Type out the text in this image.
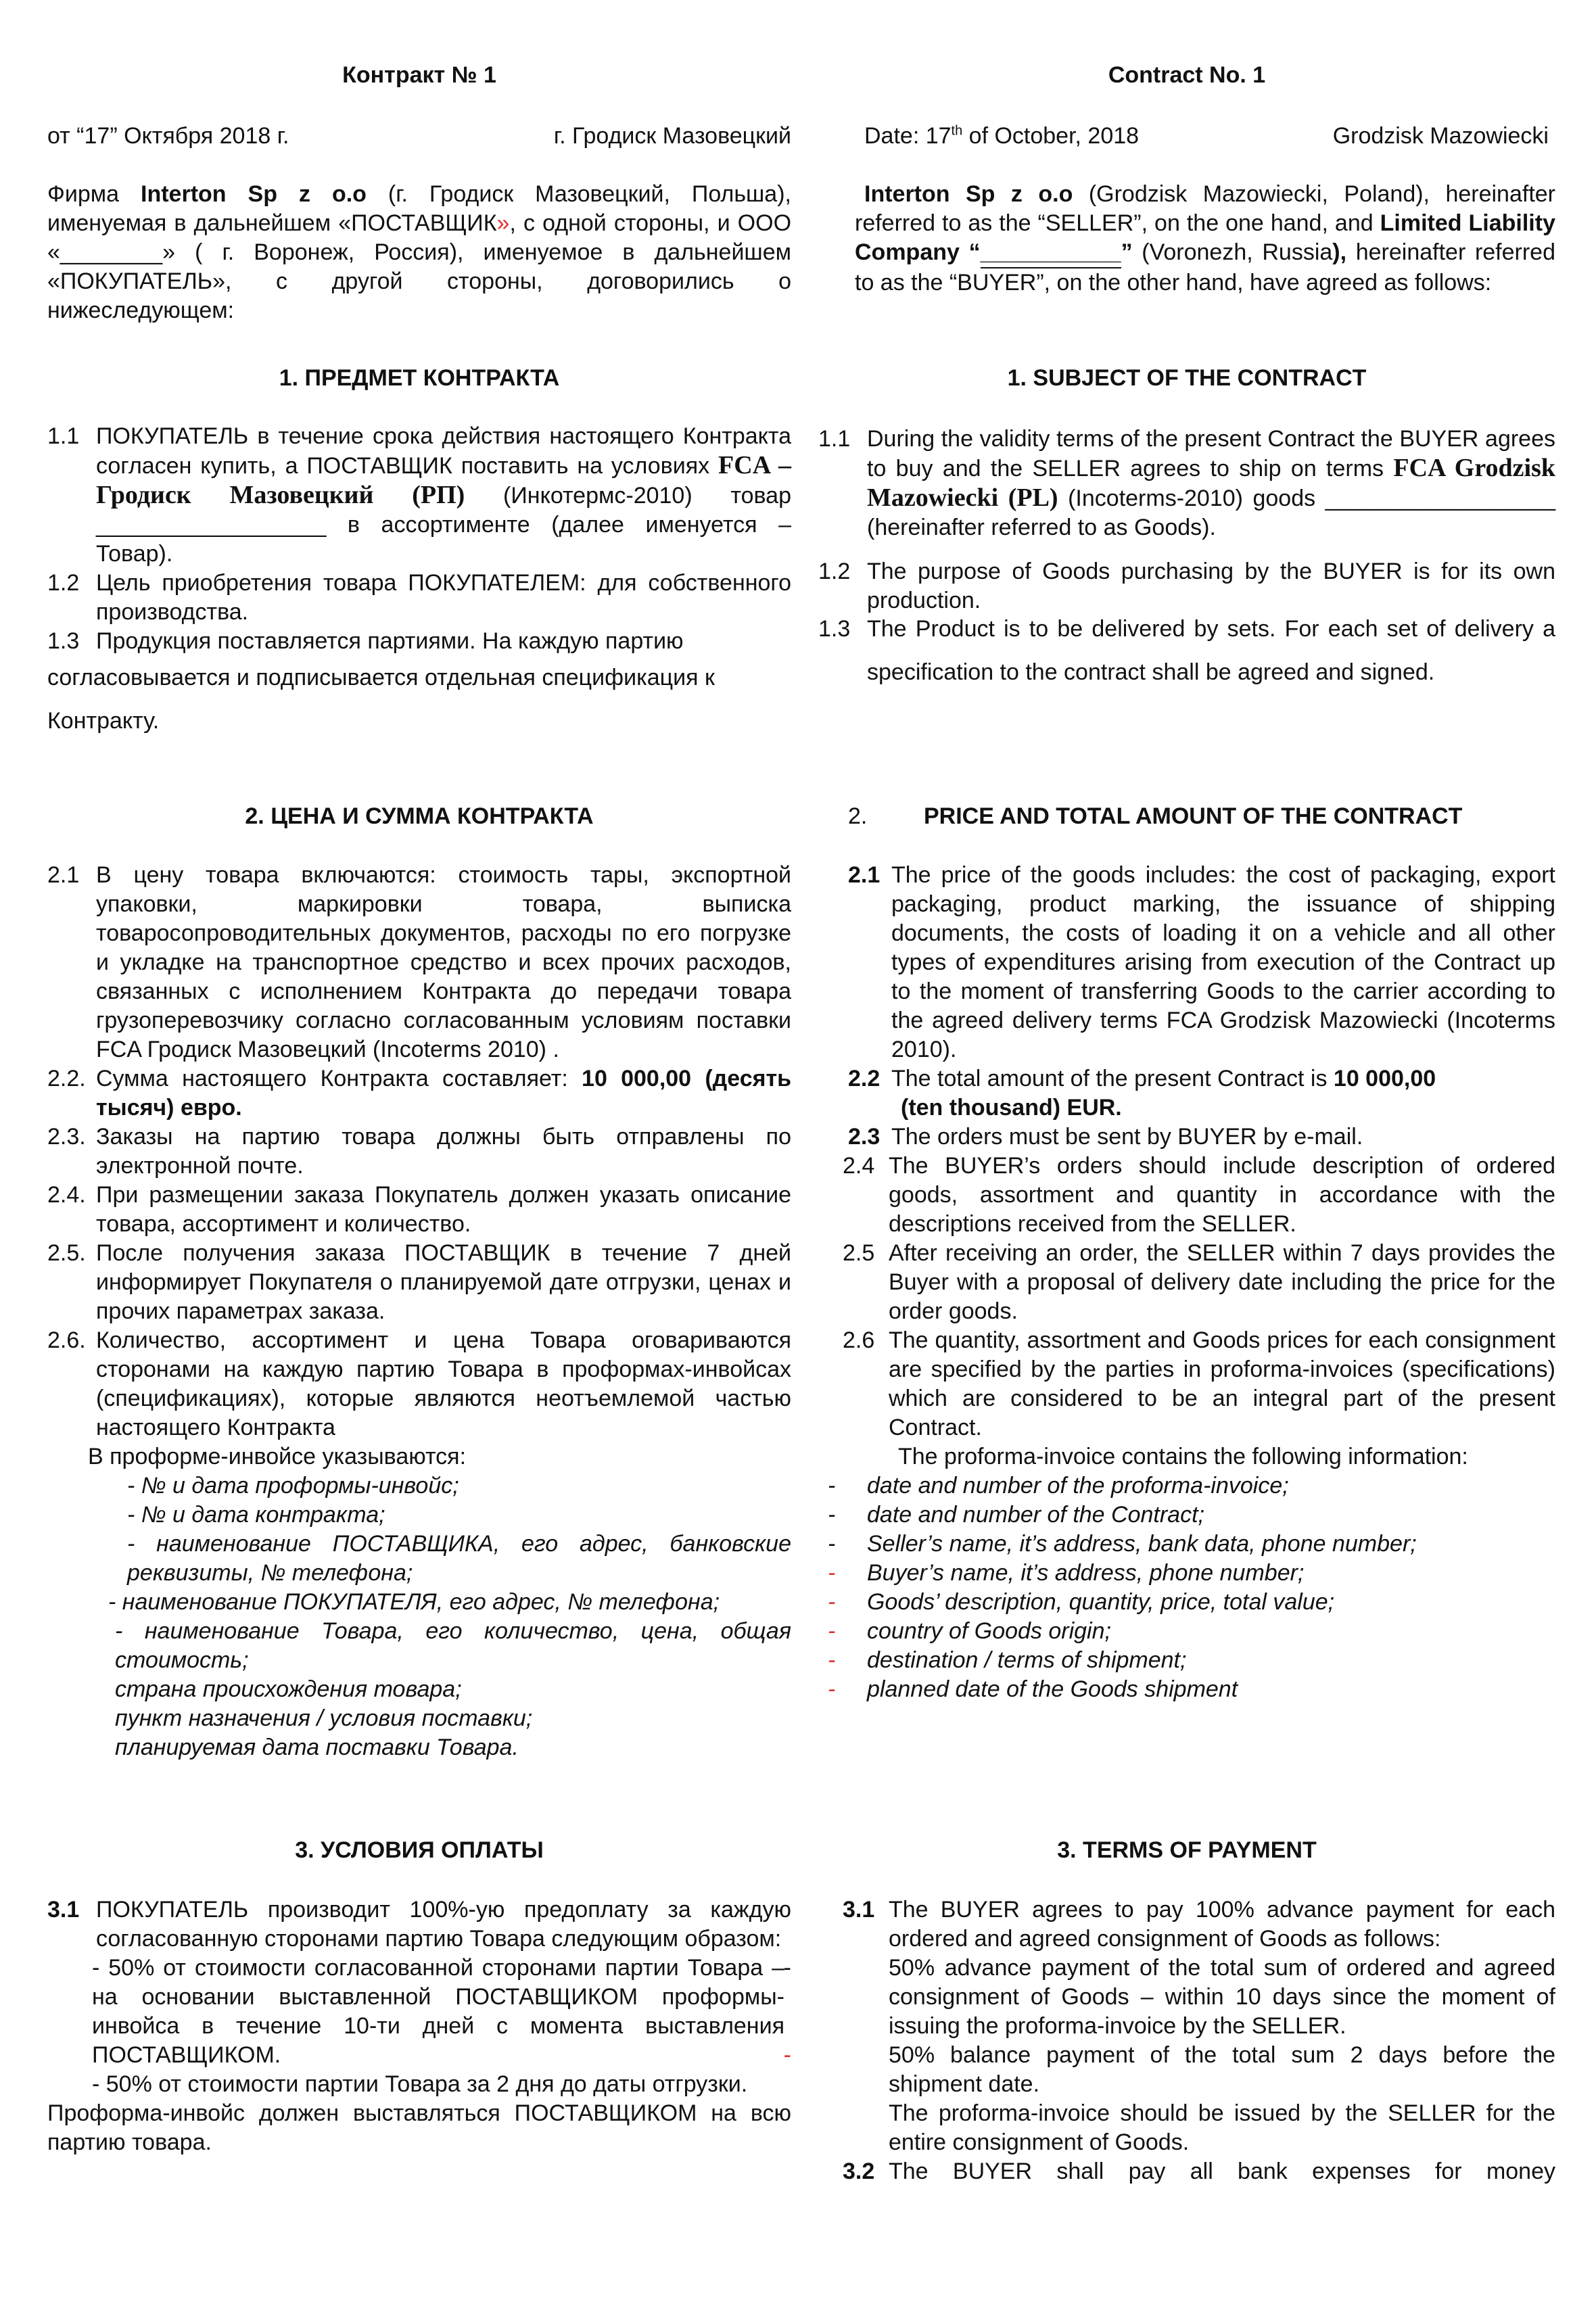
Контракт № 1
от “17” Октября 2018 г.	г. Гродиск Мазовецкий
Фирма Interton Sp z o.o (г. Гродиск Мазовецкий, Польша), именуемая в дальнейшем «ПОСТАВЩИК», с одной стороны, и ООО «________» ( г. Воронеж, Россия), именуемое в дальнейшем «ПОКУПАТЕЛЬ», с другой стороны, договорились о нижеследующем:
1. ПРЕДМЕТ КОНТРАКТА
1.1 ПОКУПАТЕЛЬ в течение срока действия настоящего Контракта согласен купить, а ПОСТАВЩИК поставить на условиях FCA – Гродиск Мазовецкий (РП) (Инкотермс-2010) товар __________________ в ассортименте (далее именуется – Товар).
1.2 Цель приобретения товара ПОКУПАТЕЛЕМ: для собственного производства.
1.3 Продукция поставляется партиями. На каждую партию
согласовывается и подписывается отдельная спецификация к
Контракту.
2. ЦЕНА И СУММА КОНТРАКТА
2.1 В цену товара включаются: стоимость тары, экспортной упаковки, маркировки товара, выписка товаросопроводительных документов, расходы по его погрузке и укладке на транспортное средство и всех прочих расходов, связанных с исполнением Контракта до передачи товара грузоперевозчику согласно согласованным условиям поставки FCA Гродиск Мазовецкий (Incoterms 2010) .
2.2. Сумма настоящего Контракта составляет: 10 000,00 (десять тысяч) евро.
2.3. Заказы на партию товара должны быть отправлены по электронной почте.
2.4. При размещении заказа Покупатель должен указать описание товара, ассортимент и количество.
2.5. После получения заказа ПОСТАВЩИК в течение 7 дней информирует Покупателя о планируемой дате отгрузки, ценах и прочих параметрах заказа.
2.6. Количество, ассортимент и цена Товара оговариваются сторонами на каждую партию Товара в проформах-инвойсах (спецификациях), которые являются неотъемлемой частью настоящего Контракта
В проформе-инвойсе указываются:
- № и дата проформы-инвойс;
- № и дата контракта;
- наименование ПОСТАВЩИКА, его адрес, банковские реквизиты, № телефона;
- наименование ПОКУПАТЕЛЯ, его адрес, № телефона;
- наименование Товара, его количество, цена, общая стоимость;
страна происхождения товара;
пункт назначения / условия поставки;
планируемая дата поставки Товара.
3. УСЛОВИЯ ОПЛАТЫ
3.1 ПОКУПАТЕЛЬ производит 100%-ую предоплату за каждую согласованную сторонами партию Товара следующим образом:
- 50% от стоимости согласованной сторонами партии Товара – на основании выставленной ПОСТАВЩИКОМ проформы-инвойса в течение 10-ти дней с момента выставления ПОСТАВЩИКОМ.
-
-
- 50% от стоимости партии Товара за 2 дня до даты отгрузки.
Проформа-инвойс должен выставляться ПОСТАВЩИКОМ на всю партию товара.
Contract No. 1
Date: 17th of October, 2018	Grodzisk Mazowiecki
Interton Sp z o.o (Grodzisk Mazowiecki, Poland), hereinafter referred to as the “SELLER”, on the one hand, and Limited Liability Company “___________” (Voronezh, Russia), hereinafter referred to as the “BUYER”, on the other hand, have agreed as follows:
1. SUBJECT OF THE CONTRACT
1.1 During the validity terms of the present Contract the BUYER agrees to buy and the SELLER agrees to ship on terms FCA Grodzisk Mazowiecki (PL) (Incoterms-2010) goods __________________ (hereinafter referred to as Goods).
1.2 The purpose of Goods purchasing by the BUYER is for its own production.
1.3 The Product is to be delivered by sets. For each set of delivery a specification to the contract shall be agreed and signed.
2.	PRICE AND TOTAL AMOUNT OF THE CONTRACT
2.1 The price of the goods includes: the cost of packaging, export packaging, product marking, the issuance of shipping documents, the costs of loading it on a vehicle and all other types of expenditures arising from execution of the Contract up to the moment of transferring Goods to the carrier according to the agreed delivery terms FCA Grodzisk Mazowiecki (Incoterms 2010).
2.2 The total amount of the present Contract is 10 000,00
(ten thousand) EUR.
2.3 The orders must be sent by BUYER by e-mail.
2.4 The BUYER’s orders should include description of ordered goods, assortment and quantity in accordance with the descriptions received from the SELLER.
2.5 After receiving an order, the SELLER within 7 days provides the Buyer with a proposal of delivery date including the price for the order goods.
2.6 The quantity, assortment and Goods prices for each consignment are specified by the parties in proforma-invoices (specifications) which are considered to be an integral part of the present Contract.
The proforma-invoice contains the following information:
- date and number of the proforma-invoice;
- date and number of the Contract;
- Seller’s name, it’s address, bank data, phone number;
- Buyer’s name, it’s address, phone number;
- Goods’ description, quantity, price, total value;
- country of Goods origin;
- destination / terms of shipment;
- planned date of the Goods shipment
3. TERMS OF PAYMENT
3.1 The BUYER agrees to pay 100% advance payment for each ordered and agreed consignment of Goods as follows:
50% advance payment of the total sum of ordered and agreed consignment of Goods – within 10 days since the moment of issuing the proforma-invoice by the SELLER.
50% balance payment of the total sum 2 days before the shipment date.
The proforma-invoice should be issued by the SELLER for the entire consignment of Goods.
3.2 The BUYER shall pay all bank expenses for money
